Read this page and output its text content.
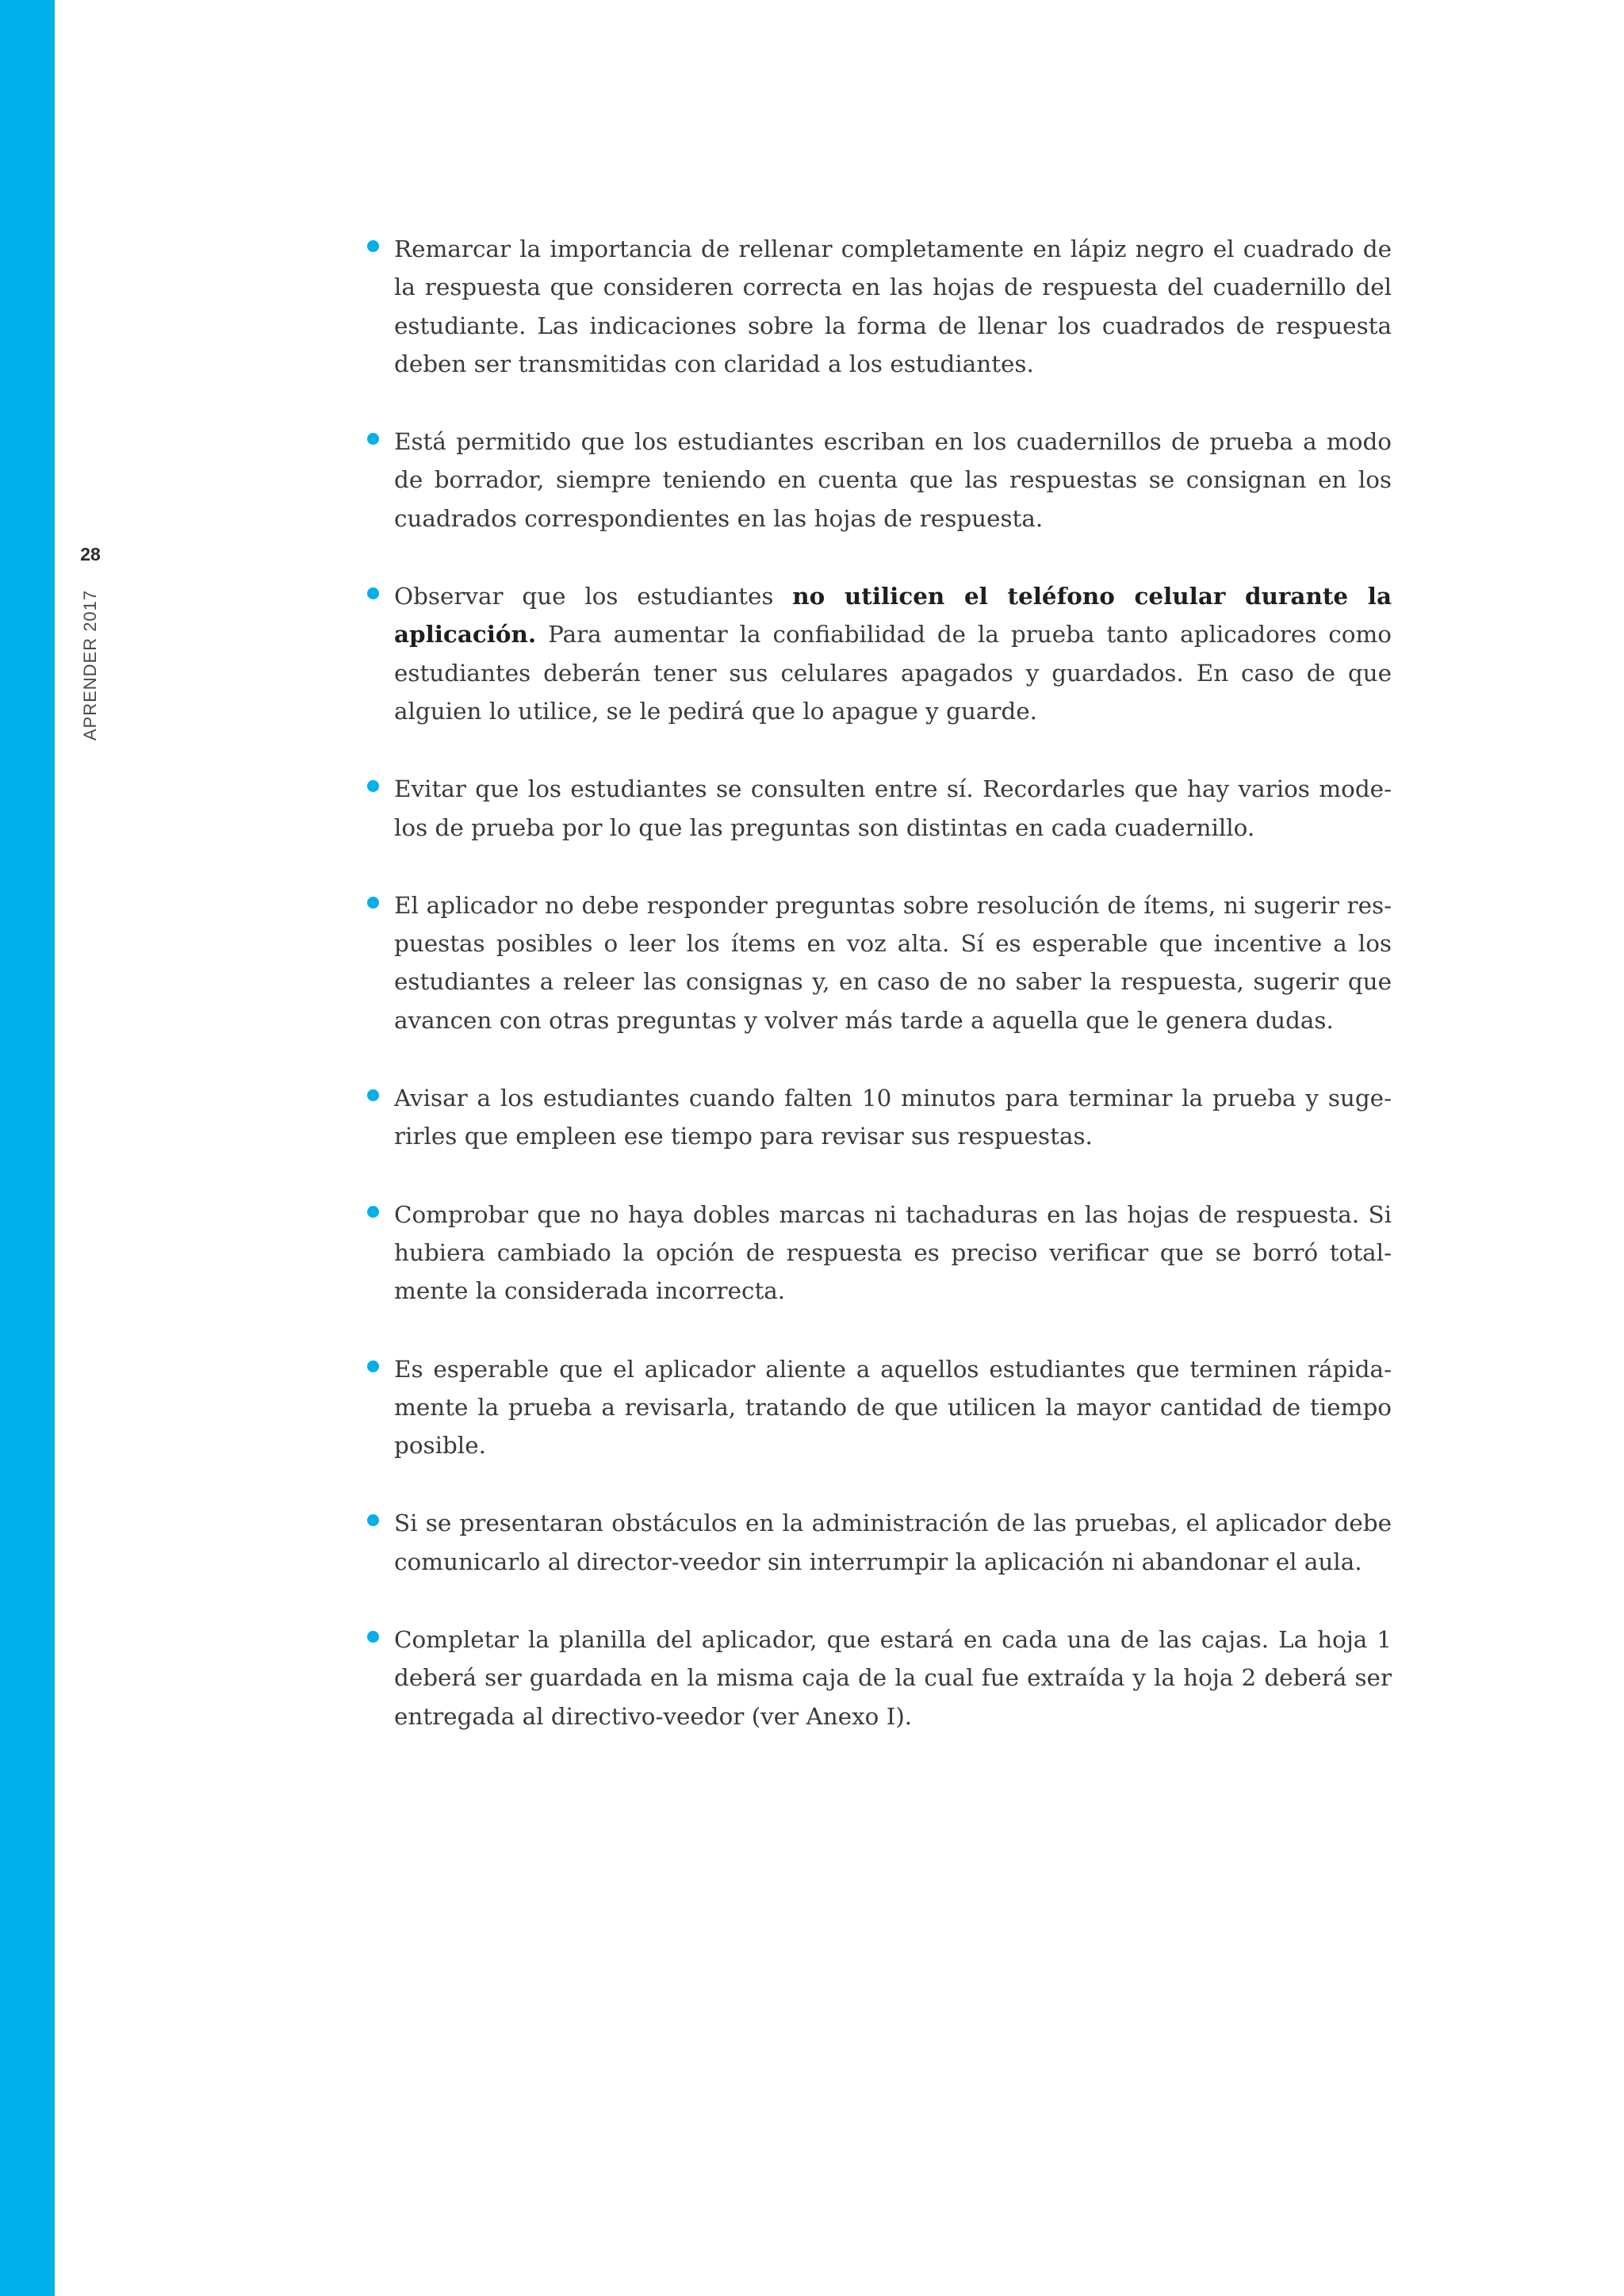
28
APRENDER 2017
Remarcar la importancia de rellenar completamente en lápiz negro el cuadrado de la respuesta que consideren correcta en las hojas de respuesta del cuadernillo del estudiante. Las indicaciones sobre la forma de llenar los cuadrados de respuesta deben ser transmitidas con claridad a los estudiantes.
Está permitido que los estudiantes escriban en los cuadernillos de prueba a modo de borrador, siempre teniendo en cuenta que las respuestas se consignan en los cuadrados correspondientes en las hojas de respuesta.
Observar que los estudiantes no utilicen el teléfono celular durante la aplicación. Para aumentar la confiabilidad de la prueba tanto aplicadores como estudiantes deberán tener sus celulares apagados y guardados. En caso de que alguien lo utilice, se le pedirá que lo apague y guarde.
Evitar que los estudiantes se consulten entre sí. Recordarles que hay varios modelos de prueba por lo que las preguntas son distintas en cada cuadernillo.
El aplicador no debe responder preguntas sobre resolución de ítems, ni sugerir respuestas posibles o leer los ítems en voz alta. Sí es esperable que incentive a los estudiantes a releer las consignas y, en caso de no saber la respuesta, sugerir que avancen con otras preguntas y volver más tarde a aquella que le genera dudas.
Avisar a los estudiantes cuando falten 10 minutos para terminar la prueba y sugerirles que empleen ese tiempo para revisar sus respuestas.
Comprobar que no haya dobles marcas ni tachaduras en las hojas de respuesta. Si hubiera cambiado la opción de respuesta es preciso verificar que se borró totalmente la considerada incorrecta.
Es esperable que el aplicador aliente a aquellos estudiantes que terminen rápidamente la prueba a revisarla, tratando de que utilicen la mayor cantidad de tiempo posible.
Si se presentaran obstáculos en la administración de las pruebas, el aplicador debe comunicarlo al director-veedor sin interrumpir la aplicación ni abandonar el aula.
Completar la planilla del aplicador, que estará en cada una de las cajas. La hoja 1 deberá ser guardada en la misma caja de la cual fue extraída y la hoja 2 deberá ser entregada al directivo-veedor (ver Anexo I).
